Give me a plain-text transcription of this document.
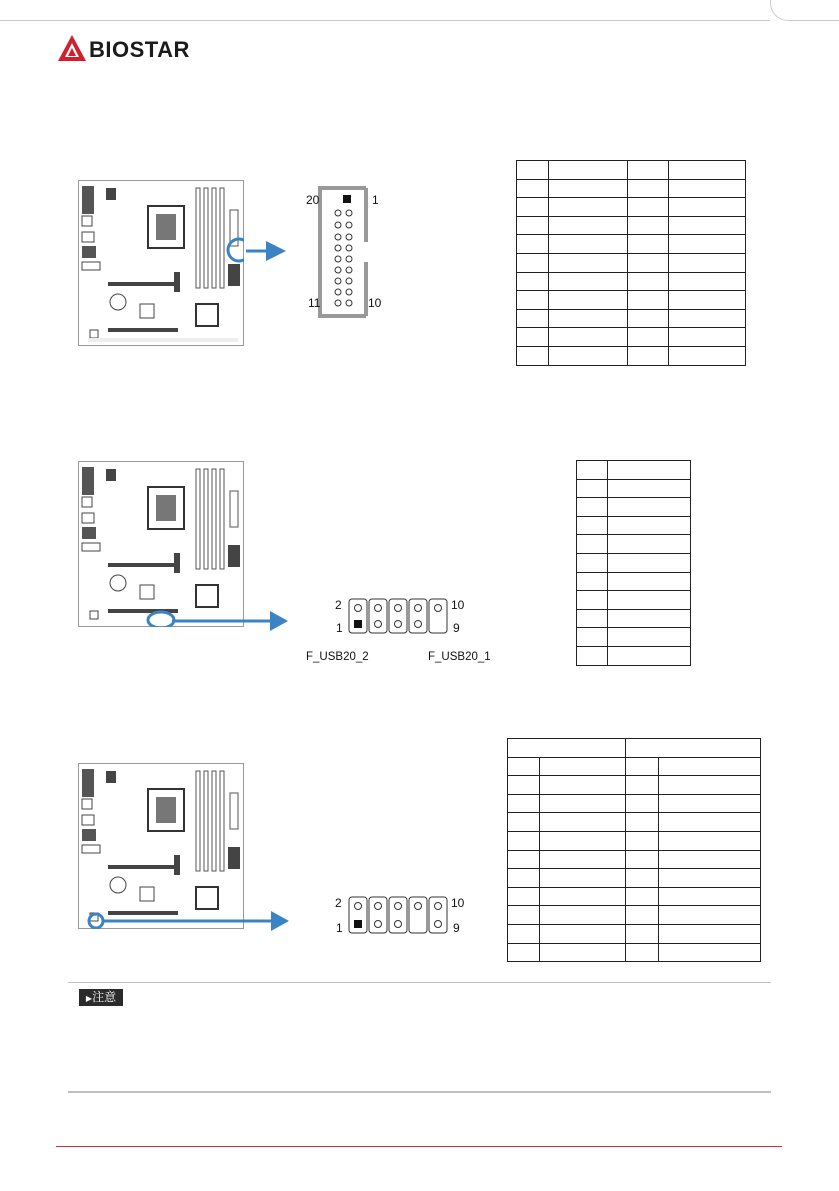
BIOSTAR
20	1
11	10

2	10
1	9
F_USB20_2	F_USB20_1

2	10
1	9

▶注意
